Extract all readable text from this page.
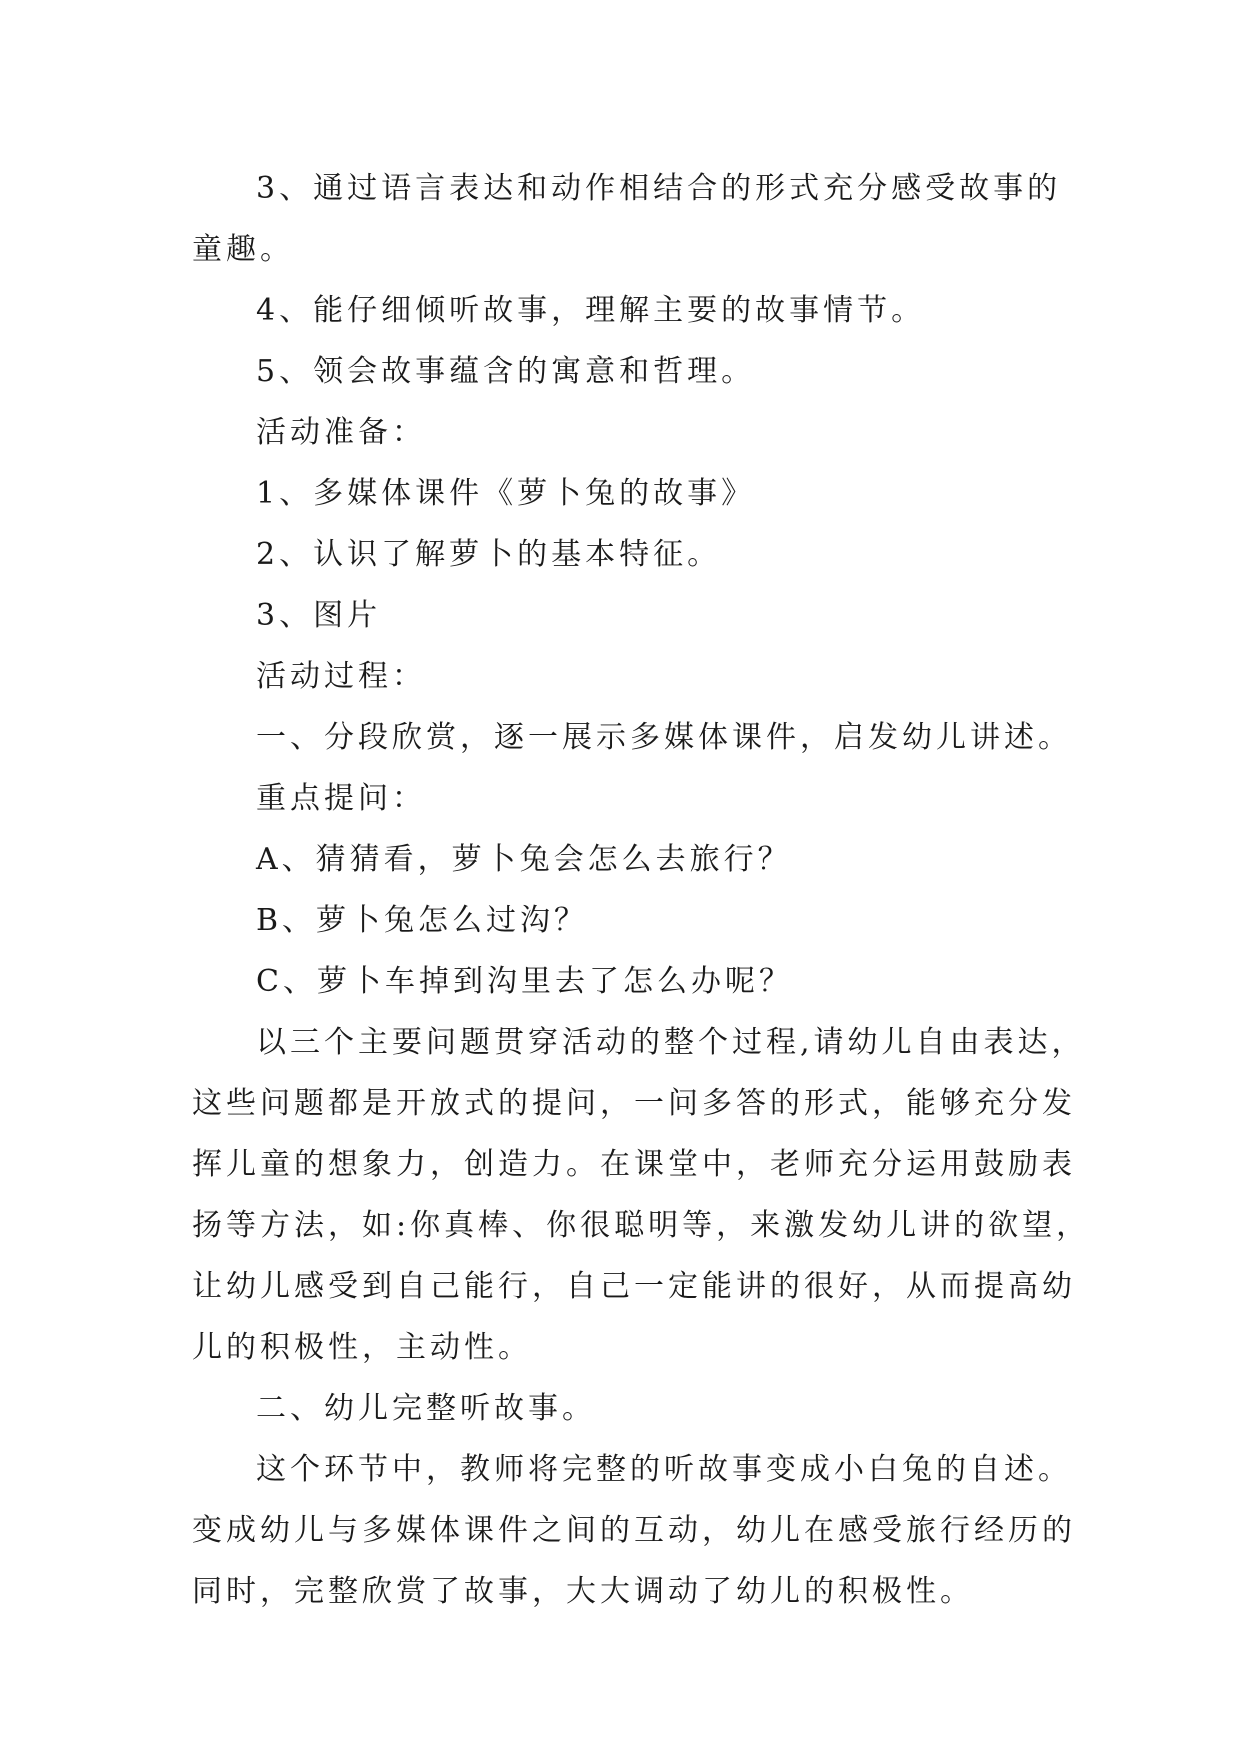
3、通过语言表达和动作相结合的形式充分感受故事的

童趣。

4、能仔细倾听故事，理解主要的故事情节。

5、领会故事蕴含的寓意和哲理。

活动准备：

1、多媒体课件《萝卜兔的故事》

2、认识了解萝卜的基本特征。

3、图片

活动过程：

一、分段欣赏，逐一展示多媒体课件，启发幼儿讲述。

重点提问：

A、猜猜看，萝卜兔会怎么去旅行？

B、萝卜兔怎么过沟？

C、萝卜车掉到沟里去了怎么办呢？

以三个主要问题贯穿活动的整个过程,请幼儿自由表达，

这些问题都是开放式的提问，一问多答的形式，能够充分发

挥儿童的想象力，创造力。在课堂中，老师充分运用鼓励表

扬等方法，如:你真棒、你很聪明等，来激发幼儿讲的欲望，

让幼儿感受到自己能行，自己一定能讲的很好，从而提高幼

儿的积极性，主动性。

二、幼儿完整听故事。

这个环节中，教师将完整的听故事变成小白兔的自述。

变成幼儿与多媒体课件之间的互动，幼儿在感受旅行经历的

同时，完整欣赏了故事，大大调动了幼儿的积极性。
